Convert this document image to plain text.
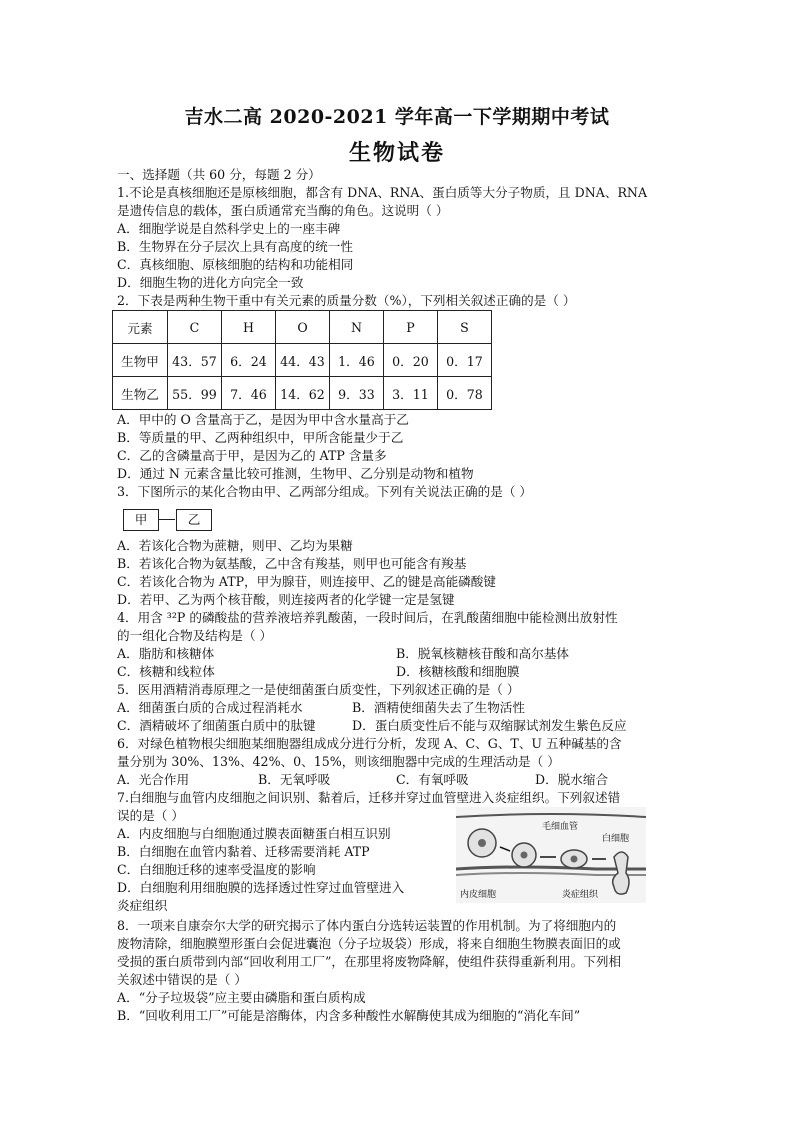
吉水二高 2020-2021 学年高一下学期期中考试
生物试卷
一、选择题（共 60 分，每题 2 分）
1.不论是真核细胞还是原核细胞，都含有 DNA、RNA、蛋白质等大分子物质，且 DNA、RNA
是遗传信息的载体，蛋白质通常充当酶的角色。这说明（ ）
A．细胞学说是自然科学史上的一座丰碑
B．生物界在分子层次上具有高度的统一性
C．真核细胞、原核细胞的结构和功能相同
D．细胞生物的进化方向完全一致
2．下表是两种生物干重中有关元素的质量分数（%），下列相关叙述正确的是（ ）
元素	C	H	O	N	P	S
生物甲	43．57	6．24	44．43	1．46	0．20	0．17
生物乙	55．99	7．46	14．62	9．33	3．11	0．78
A．甲中的 O 含量高于乙，是因为甲中含水量高于乙
B．等质量的甲、乙两种组织中，甲所含能量少于乙
C．乙的含磷量高于甲，是因为乙的 ATP 含量多
D．通过 N 元素含量比较可推测，生物甲、乙分别是动物和植物
3．下图所示的某化合物由甲、乙两部分组成。下列有关说法正确的是（ ）
甲	乙
A．若该化合物为蔗糖，则甲、乙均为果糖
B．若该化合物为氨基酸，乙中含有羧基，则甲也可能含有羧基
C．若该化合物为 ATP，甲为腺苷，则连接甲、乙的键是高能磷酸键
D．若甲、乙为两个核苷酸，则连接两者的化学键一定是氢键
4．用含 ³²P 的磷酸盐的营养液培养乳酸菌，一段时间后，在乳酸菌细胞中能检测出放射性
的一组化合物及结构是（ ）
A．脂肪和核糖体	B．脱氧核糖核苷酸和高尔基体
C．核糖和线粒体	D．核糖核酸和细胞膜
5．医用酒精消毒原理之一是使细菌蛋白质变性，下列叙述正确的是（ ）
A．细菌蛋白质的合成过程消耗水	B．酒精使细菌失去了生物活性
C．酒精破坏了细菌蛋白质中的肽键	D．蛋白质变性后不能与双缩脲试剂发生紫色反应
6．对绿色植物根尖细胞某细胞器组成成分进行分析，发现 A、C、G、T、U 五种碱基的含
量分别为 30%、13%、42%、0、15%，则该细胞器中完成的生理活动是（ ）
A．光合作用	B．无氧呼吸	C．有氧呼吸	D．脱水缩合
7.白细胞与血管内皮细胞之间识别、黏着后，迁移并穿过血管壁进入炎症组织。下列叙述错
误的是（ ）
A．内皮细胞与白细胞通过膜表面糖蛋白相互识别
B．白细胞在血管内黏着、迁移需要消耗 ATP
C．白细胞迁移的速率受温度的影响
D．白细胞利用细胞膜的选择透过性穿过血管壁进入
炎症组织
毛细血管
白细胞
内皮细胞	炎症组织
8．一项来自康奈尔大学的研究揭示了体内蛋白分选转运装置的作用机制。为了将细胞内的
废物清除，细胞膜塑形蛋白会促进囊泡（分子垃圾袋）形成，将来自细胞生物膜表面旧的或
受损的蛋白质带到内部“回收利用工厂”，在那里将废物降解，使组件获得重新利用。下列相
关叙述中错误的是（ ）
A．“分子垃圾袋”应主要由磷脂和蛋白质构成
B．“回收利用工厂”可能是溶酶体，内含多种酸性水解酶使其成为细胞的“消化车间”
